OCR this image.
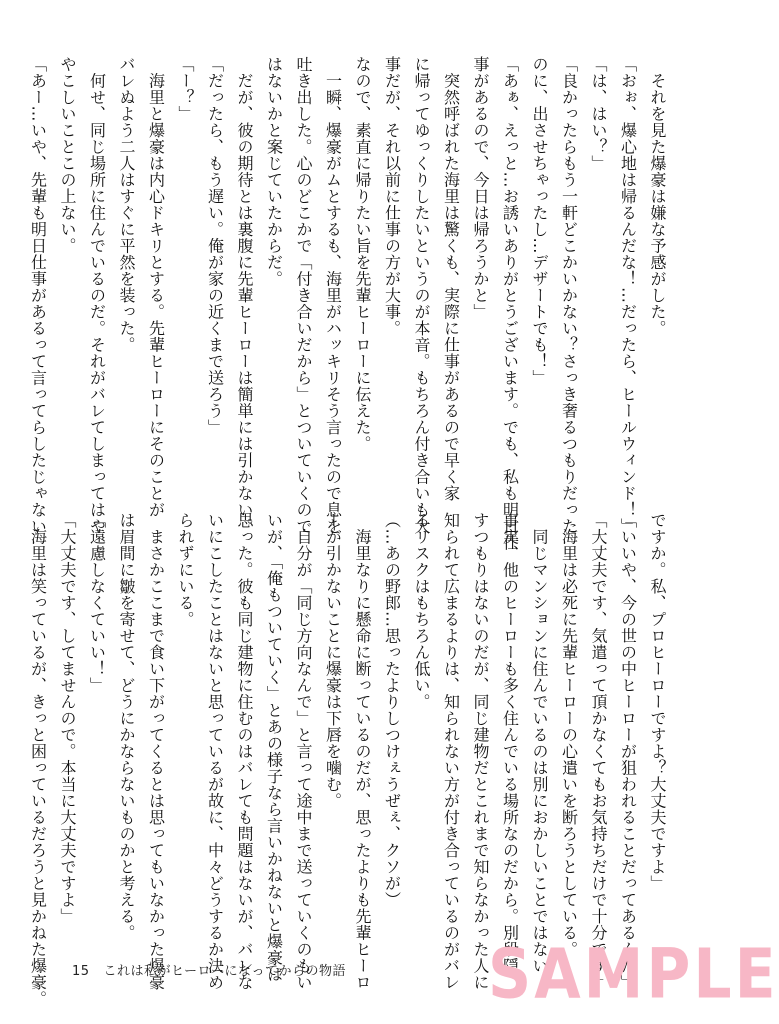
　それを見た爆豪は嫌な予感がした。
「おぉ、爆心地は帰るんだな！…だったら、ヒールウィンド！」
「は、はい？」
「良かったらもう一軒どこかいかない？さっき奢るつもりだった
のに、出させちゃったし…デザートでも！」
「あぁ、えっと…お誘いありがとうございます。でも、私も明日仕
事があるので、今日は帰ろうかと」
　突然呼ばれた海里は驚くも、実際に仕事があるので早く家
に帰ってゆっくりしたいというのが本音。もちろん付き合いも大
事だが、それ以前に仕事の方が大事。
なので、素直に帰りたい旨を先輩ヒーローに伝えた。
　一瞬、爆豪がムとするも、海里がハッキリそう言ったので息を
吐き出した。心のどこかで「付き合いだから」とついていくので
はないかと案じていたからだ。
　だが、彼の期待とは裏腹に先輩ヒーローは簡単には引かない。
「だったら、もう遅い。俺が家の近くまで送ろう」
「ー？」
　海里と爆豪は内心ドキリとする。先輩ヒーローにそのことが
バレぬよう二人はすぐに平然を装った。
　何せ、同じ場所に住んでいるのだ。それがバレてしまってはや
やこしいことこの上ない。
「あー…いや、先輩も明日仕事があるって言ってらしたじゃない
ですか。私、プロヒーローですよ？大丈夫ですよ」
「いいや、今の世の中ヒーローが狙われることだってあるんだ」
「大丈夫です、気遣って頂かなくてもお気持ちだけで十分です」
　海里は必死に先輩ヒーローの心遣いを断ろうとしている。
　同じマンションに住んでいるのは別におかしいことではない。
事実、他のヒーローも多く住んでいる場所なのだから。別段隠
すつもりはないのだが、同じ建物だとこれまで知らなかった人に
知られて広まるよりは、知られない方が付き合っているのがバレ
るリスクはもちろん低い。
（…あの野郎…思ったよりしつけぇうぜぇ、クソが）
　海里なりに懸命に断っているのだが、思ったよりも先輩ヒーロ
ーが引かないことに爆豪は下唇を噛む。
　自分が「同じ方向なんで」と言って途中まで送っていくのもい
いが、「俺もついていく」とあの様子なら言いかねないと爆豪は
思った。彼も同じ建物に住むのはバレても問題はないが、バレな
いにこしたことはないと思っているが故に、中々どうするか決め
られずにいる。
　まさかここまで食い下がってくるとは思ってもいなかった爆豪
は眉間に皺を寄せて、どうにかならないものかと考える。
「遠慮しなくていい！」
「大丈夫です、してませんので。本当に大丈夫ですよ」
　海里は笑っているが、きっと困っているだろうと見かねた爆豪。	15 これは私がヒーローになってからの物語 SAMPLE
